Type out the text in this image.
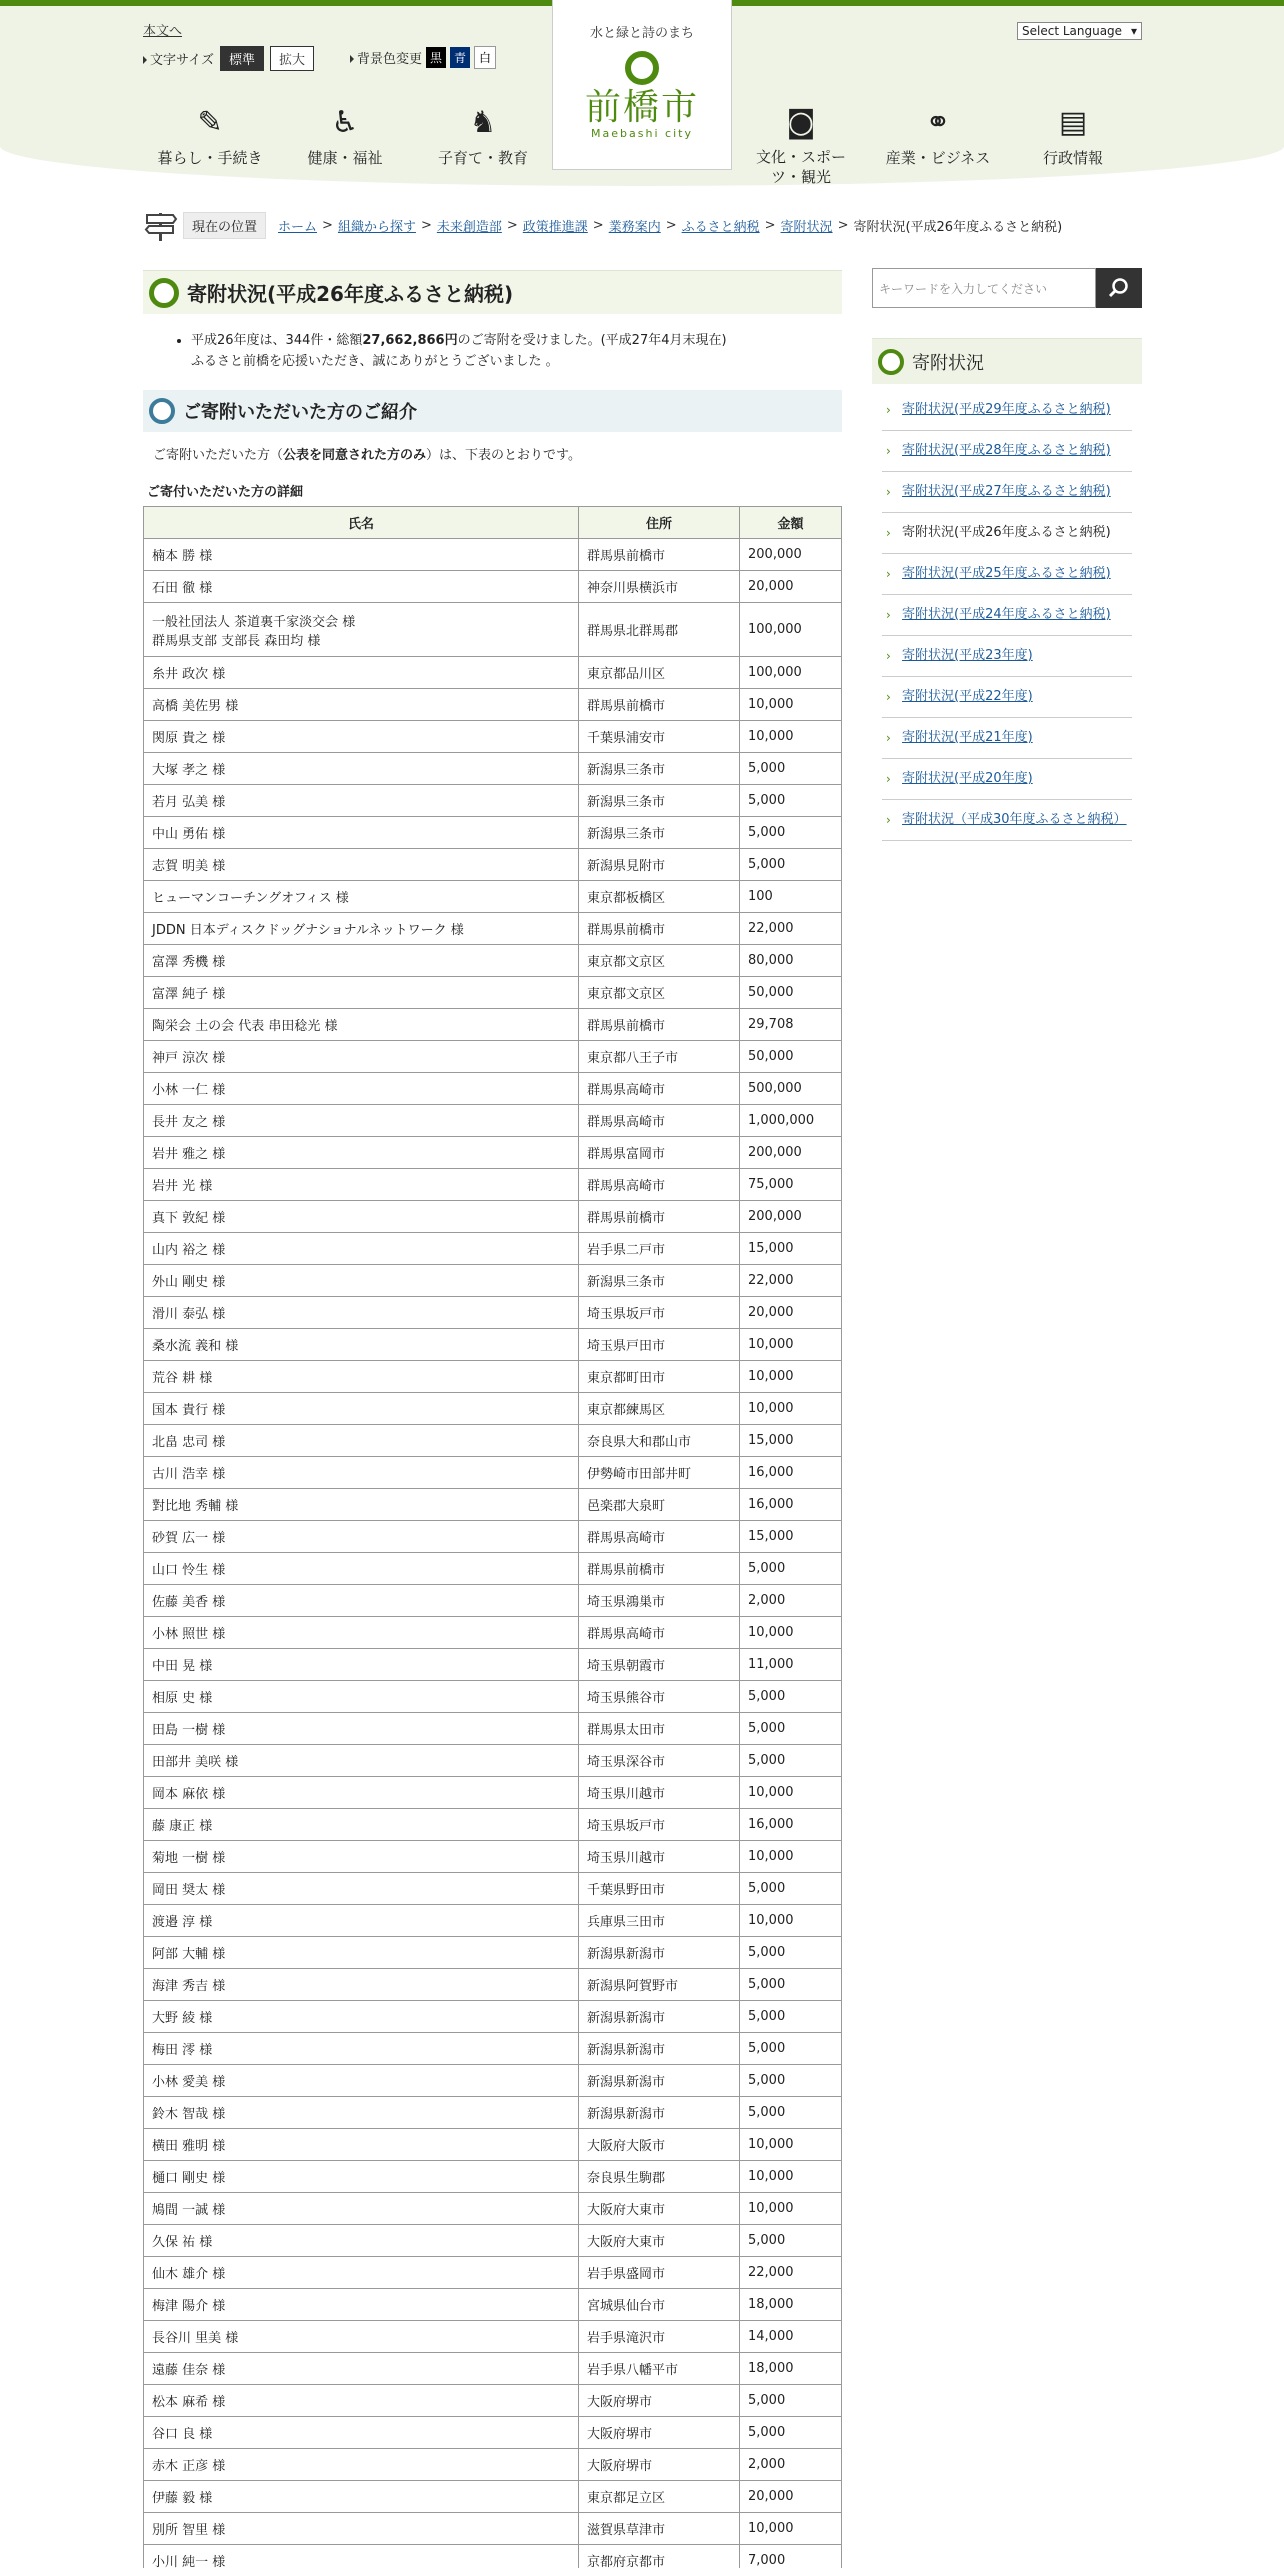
本文へ
文字サイズ	標準	拡大	背景色変更 黒	青	白
水と緑と詩のまち
前橋市
Maebashi city
Select Language ▾
✎
暮らし・手続き
♿
健康・福祉
♞
子育て・教育
◙
文化・スポーツ・観光
⚭
産業・ビジネス
▤
行政情報
現在の位置	ホーム > 組織から探す > 未来創造部 > 政策推進課 > 業務案内 > ふるさと納税 > 寄附状況 > 寄附状況(平成26年度ふるさと納税)
寄附状況(平成26年度ふるさと納税)
• 平成26年度は、344件・総額27,662,866円のご寄附を受けました。(平成27年4月末現在)
ふるさと前橋を応援いただき、誠にありがとうございました 。
ご寄附いただいた方のご紹介

ご寄附いただいた方（公表を同意された方のみ）は、下表のとおりです。

ご寄付いただいた方の詳細
氏名	住所	金額
楠本 勝 様	群馬県前橋市	200,000
石田 徹 様	神奈川県横浜市	20,000
一般社団法人 茶道裏千家淡交会 様
群馬県支部 支部長 森田均 様	群馬県北群馬郡	100,000
糸井 政次 様	東京都品川区	100,000
高橋 美佐男 様	群馬県前橋市	10,000
関原 貴之 様	千葉県浦安市	10,000
大塚 孝之 様	新潟県三条市	5,000
若月 弘美 様	新潟県三条市	5,000
中山 勇佑 様	新潟県三条市	5,000
志賀 明美 様	新潟県見附市	5,000
ヒューマンコーチングオフィス 様	東京都板橋区	100
JDDN 日本ディスクドッグナショナルネットワーク 様	群馬県前橋市	22,000
富澤 秀機 様	東京都文京区	80,000
富澤 純子 様	東京都文京区	50,000
陶栄会 土の会 代表 串田稔光 様	群馬県前橋市	29,708
神戸 涼次 様	東京都八王子市	50,000
小林 一仁 様	群馬県高崎市	500,000
長井 友之 様	群馬県高崎市	1,000,000
岩井 雅之 様	群馬県富岡市	200,000
岩井 光 様	群馬県高崎市	75,000
真下 敦紀 様	群馬県前橋市	200,000
山内 裕之 様	岩手県二戸市	15,000
外山 剛史 様	新潟県三条市	22,000
滑川 泰弘 様	埼玉県坂戸市	20,000
桑水流 義和 様	埼玉県戸田市	10,000
荒谷 耕 様	東京都町田市	10,000
国本 貴行 様	東京都練馬区	10,000
北畠 忠司 様	奈良県大和郡山市	15,000
古川 浩幸 様	伊勢崎市田部井町	16,000
對比地 秀輔 様	邑楽郡大泉町	16,000
砂賀 広一 様	群馬県高崎市	15,000
山口 怜生 様	群馬県前橋市	5,000
佐藤 美香 様	埼玉県鴻巣市	2,000
小林 照世 様	群馬県高崎市	10,000
中田 晃 様	埼玉県朝霞市	11,000
相原 史 様	埼玉県熊谷市	5,000
田島 一樹 様	群馬県太田市	5,000
田部井 美咲 様	埼玉県深谷市	5,000
岡本 麻依 様	埼玉県川越市	10,000
藤 康正 様	埼玉県坂戸市	16,000
菊地 一樹 様	埼玉県川越市	10,000
岡田 奨太 様	千葉県野田市	5,000
渡邉 淳 様	兵庫県三田市	10,000
阿部 大輔 様	新潟県新潟市	5,000
海津 秀吉 様	新潟県阿賀野市	5,000
大野 綾 様	新潟県新潟市	5,000
梅田 澪 様	新潟県新潟市	5,000
小林 愛美 様	新潟県新潟市	5,000
鈴木 智哉 様	新潟県新潟市	5,000
横田 雅明 様	大阪府大阪市	10,000
樋口 剛史 様	奈良県生駒郡	10,000
鳩間 一誠 様	大阪府大東市	10,000
久保 祐 様	大阪府大東市	5,000
仙木 雄介 様	岩手県盛岡市	22,000
梅津 陽介 様	宮城県仙台市	18,000
長谷川 里美 様	岩手県滝沢市	14,000
遠藤 佳奈 様	岩手県八幡平市	18,000
松本 麻希 様	大阪府堺市	5,000
谷口 良 様	大阪府堺市	5,000
赤木 正彦 様	大阪府堺市	2,000
伊藤 毅 様	東京都足立区	20,000
別所 智里 様	滋賀県草津市	10,000
小川 純一 様	京都府京都市	7,000
キーワードを入力してください
寄附状況
› 寄附状況(平成29年度ふるさと納税)
› 寄附状況(平成28年度ふるさと納税)
› 寄附状況(平成27年度ふるさと納税)
› 寄附状況(平成26年度ふるさと納税)
› 寄附状況(平成25年度ふるさと納税)
› 寄附状況(平成24年度ふるさと納税)
› 寄附状況(平成23年度)
› 寄附状況(平成22年度)
› 寄附状況(平成21年度)
› 寄附状況(平成20年度)
› 寄附状況（平成30年度ふるさと納税）
